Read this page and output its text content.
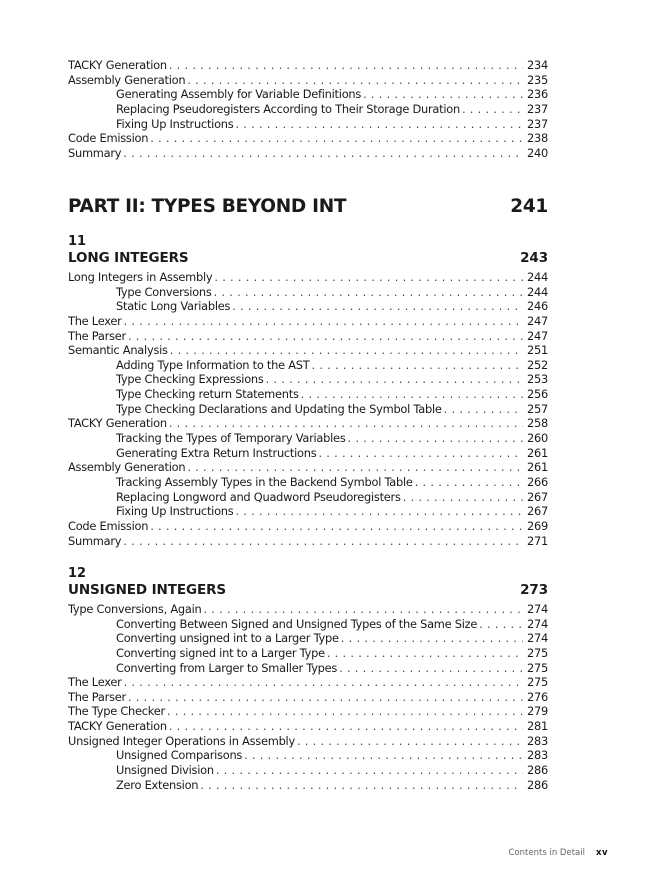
TACKY Generation . . .	234
Assembly Generation . . .	235
Generating Assembly for Variable Definitions . . .	236
Replacing Pseudoregisters According to Their Storage Duration . . .	237
Fixing Up Instructions . . .	237
Code Emission . . .	238
Summary . . .	240
PART II: TYPES BEYOND INT	241
11
LONG INTEGERS	243
Long Integers in Assembly . . .	244
Type Conversions . . .	244
Static Long Variables . . .	246
The Lexer . . .	247
The Parser . . .	247
Semantic Analysis . . .	251
Adding Type Information to the AST . . .	252
Type Checking Expressions . . .	253
Type Checking return Statements . . .	256
Type Checking Declarations and Updating the Symbol Table . . .	257
TACKY Generation . . .	258
Tracking the Types of Temporary Variables . . .	260
Generating Extra Return Instructions . . .	261
Assembly Generation . . .	261
Tracking Assembly Types in the Backend Symbol Table . . .	266
Replacing Longword and Quadword Pseudoregisters . . .	267
Fixing Up Instructions . . .	267
Code Emission . . .	269
Summary . . .	271
12
UNSIGNED INTEGERS	273
Type Conversions, Again . . .	274
Converting Between Signed and Unsigned Types of the Same Size . . .	274
Converting unsigned int to a Larger Type . . .	274
Converting signed int to a Larger Type . . .	275
Converting from Larger to Smaller Types . . .	275
The Lexer . . .	275
The Parser . . .	276
The Type Checker . . .	279
TACKY Generation . . .	281
Unsigned Integer Operations in Assembly . . .	283
Unsigned Comparisons . . .	283
Unsigned Division . . .	286
Zero Extension . . .	286
Contents in Detail xv
